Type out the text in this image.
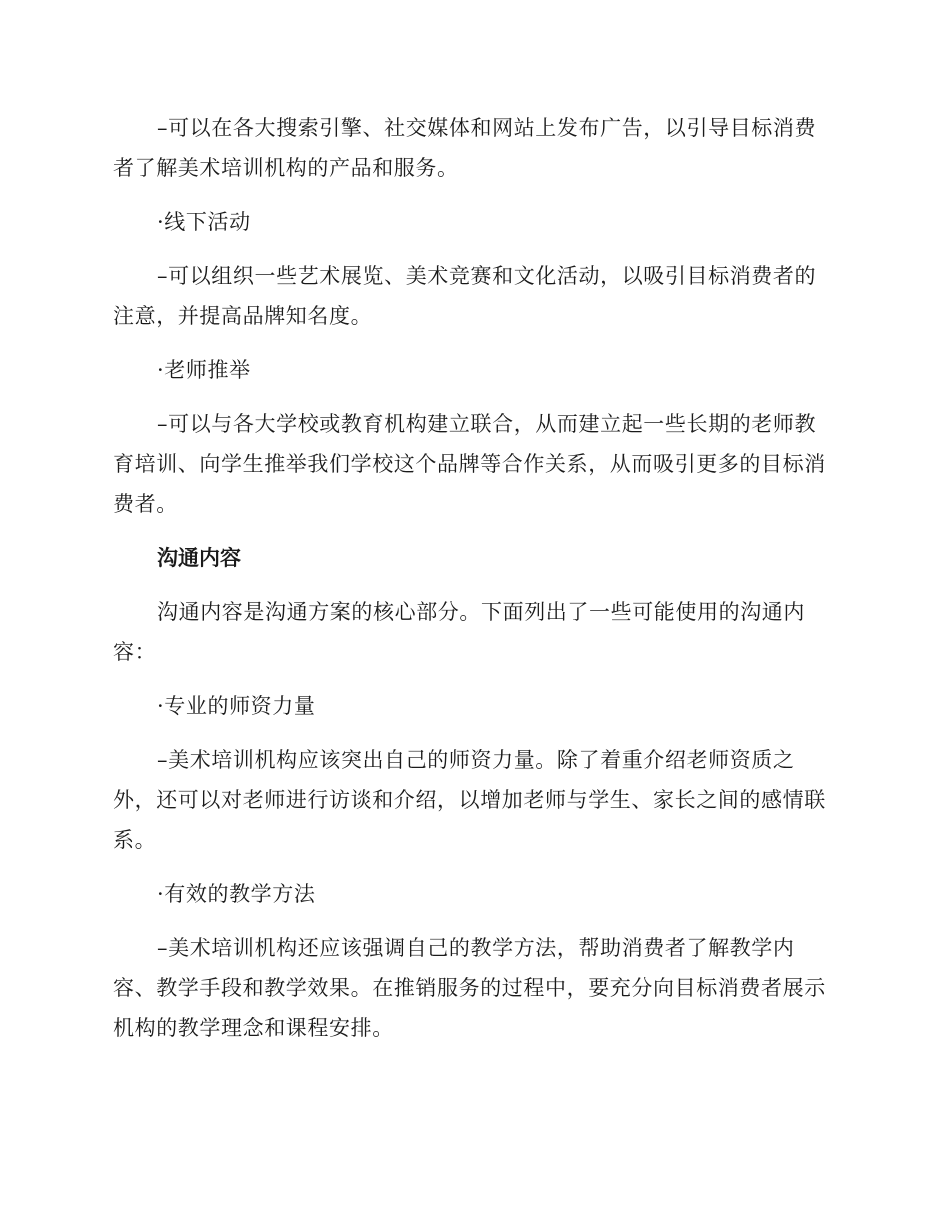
–可以在各大搜索引擎、社交媒体和网站上发布广告，以引导目标消费者了解美术培训机构的产品和服务。

·线下活动

–可以组织一些艺术展览、美术竞赛和文化活动，以吸引目标消费者的注意，并提高品牌知名度。

·老师推举

–可以与各大学校或教育机构建立联合，从而建立起一些长期的老师教育培训、向学生推举我们学校这个品牌等合作关系，从而吸引更多的目标消费者。

沟通内容

沟通内容是沟通方案的核心部分。下面列出了一些可能使用的沟通内容：

·专业的师资力量

–美术培训机构应该突出自己的师资力量。除了着重介绍老师资质之外，还可以对老师进行访谈和介绍，以增加老师与学生、家长之间的感情联系。

·有效的教学方法

–美术培训机构还应该强调自己的教学方法，帮助消费者了解教学内容、教学手段和教学效果。在推销服务的过程中，要充分向目标消费者展示机构的教学理念和课程安排。
